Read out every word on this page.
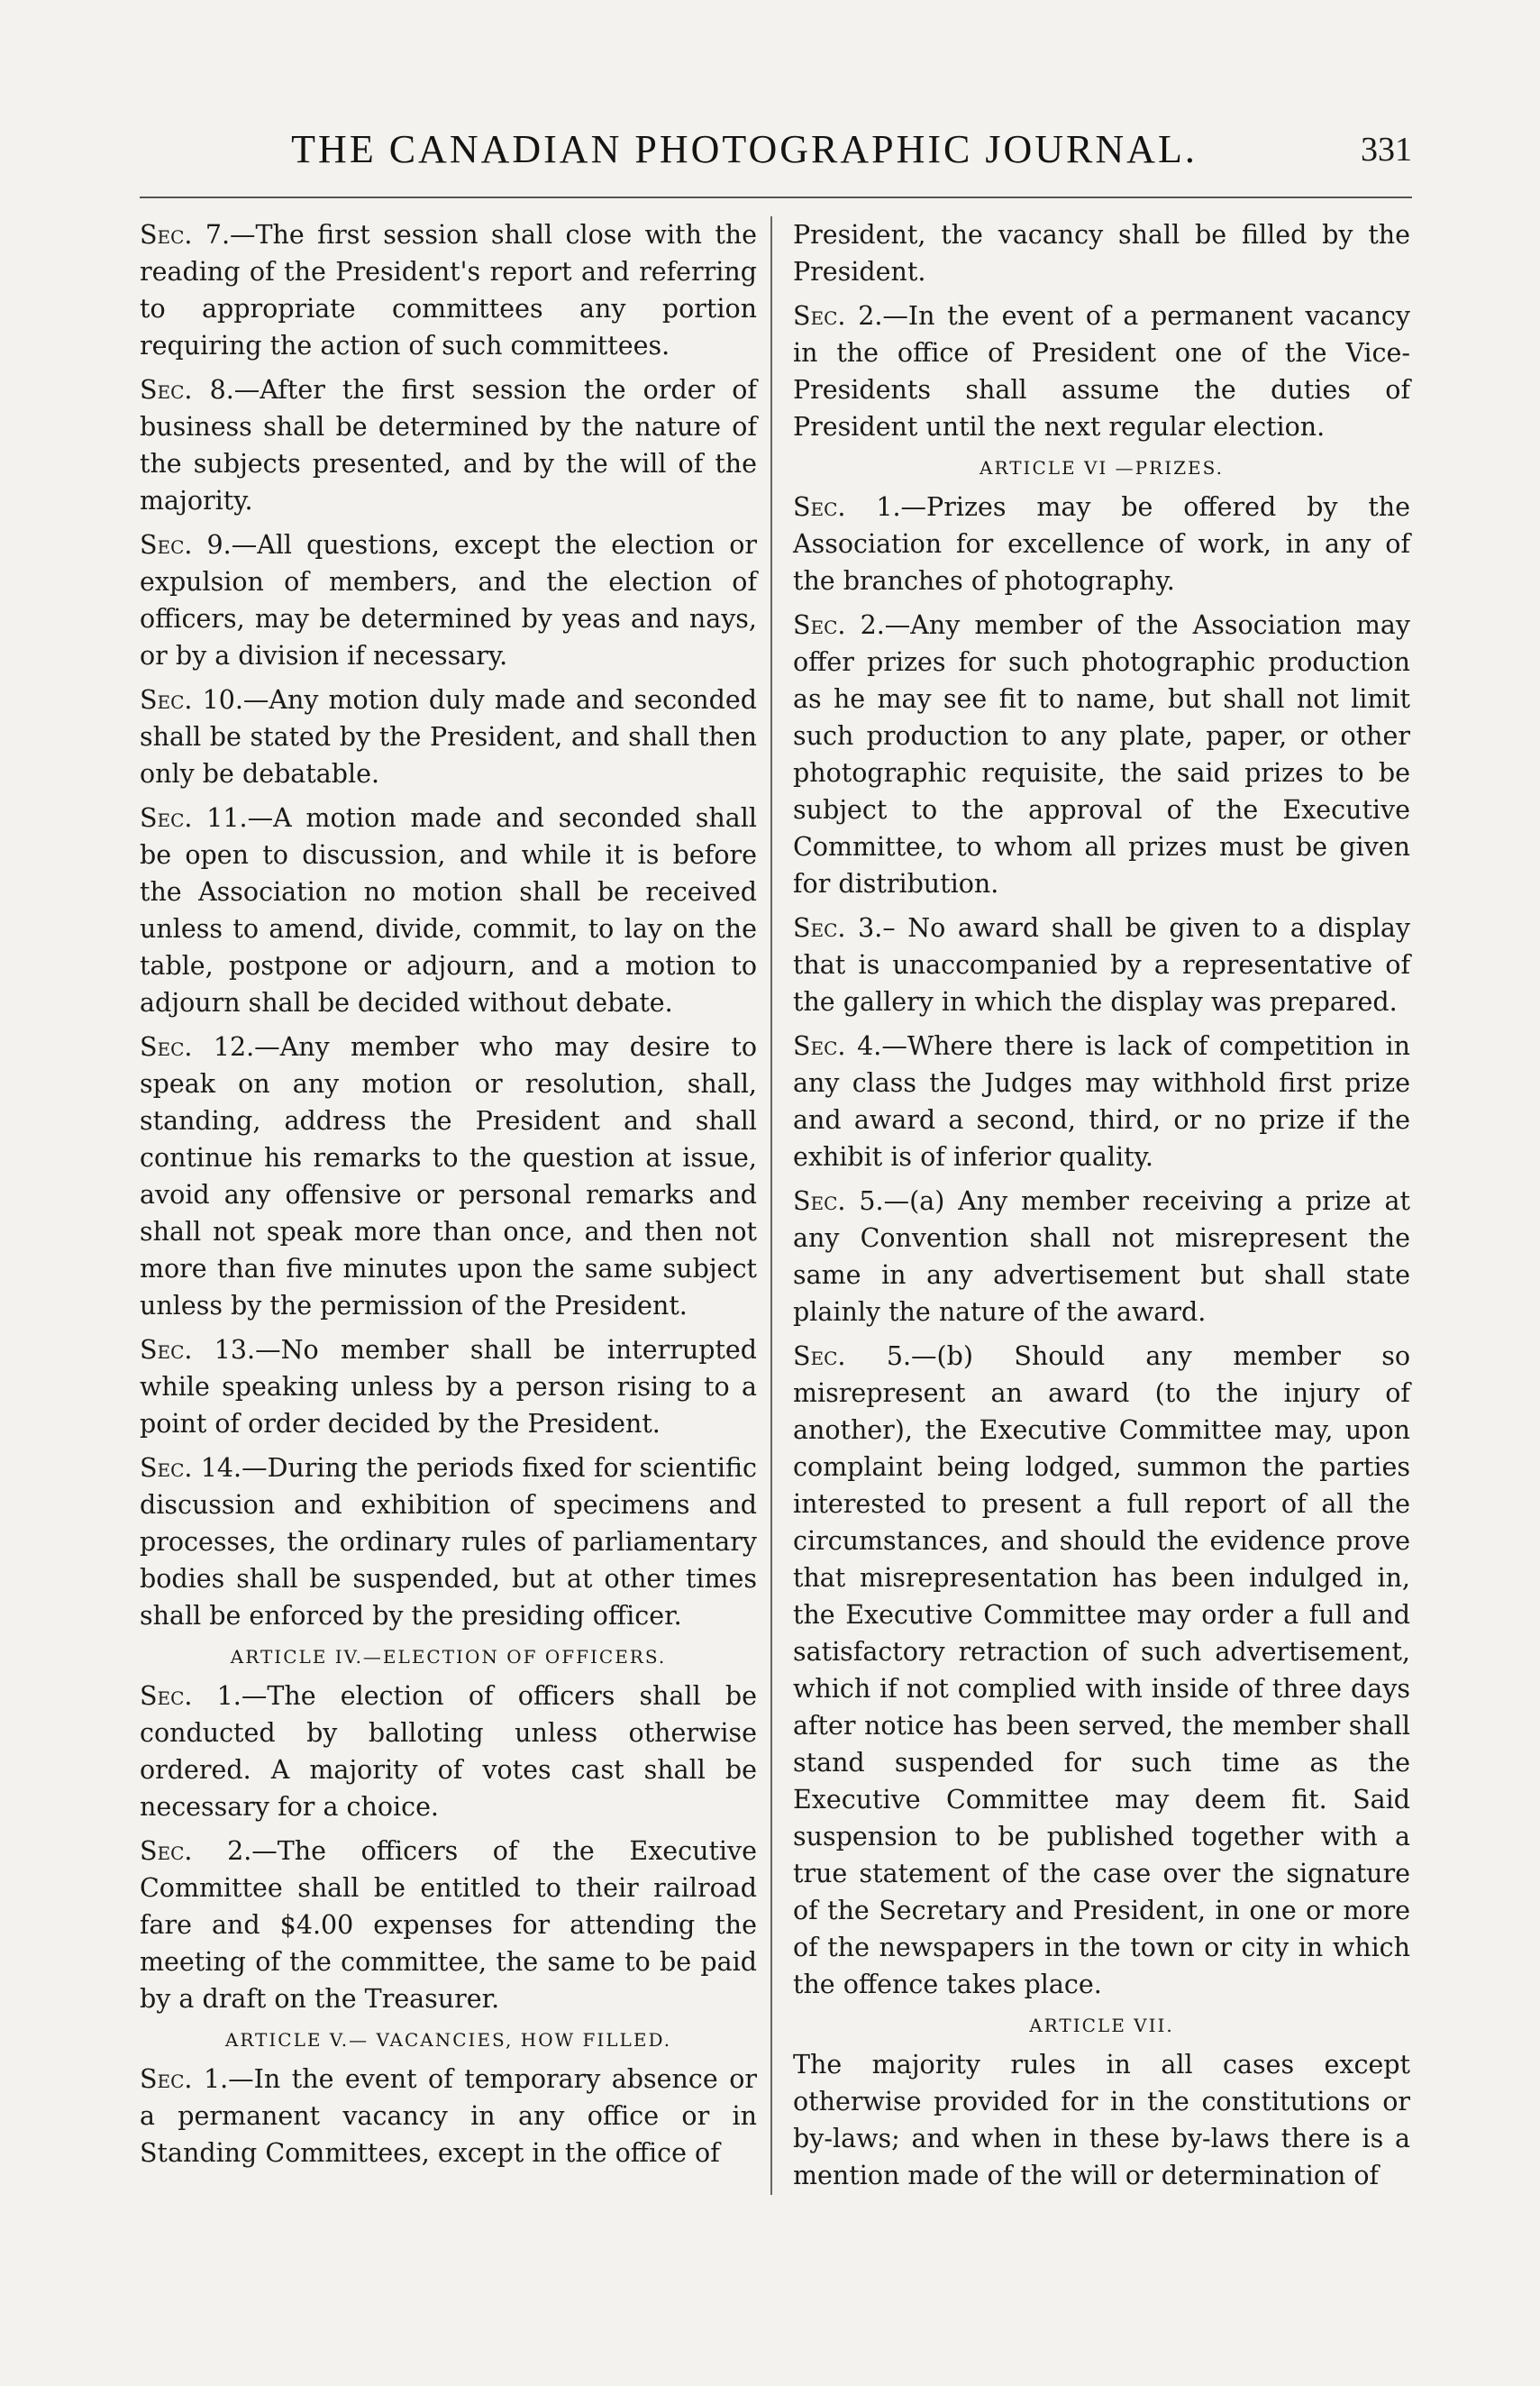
THE CANADIAN PHOTOGRAPHIC JOURNAL.	331

Sec. 7.—The first session shall close with the reading of the President's report and referring to appropriate committees any portion requiring the action of such committees.

Sec. 8.—After the first session the order of business shall be determined by the nature of the subjects presented, and by the will of the majority.

Sec. 9.—All questions, except the election or expulsion of members, and the election of officers, may be determined by yeas and nays, or by a division if necessary.

Sec. 10.—Any motion duly made and seconded shall be stated by the President, and shall then only be debatable.

Sec. 11.—A motion made and seconded shall be open to discussion, and while it is before the Association no motion shall be received unless to amend, divide, commit, to lay on the table, postpone or adjourn, and a motion to adjourn shall be decided without debate.

Sec. 12.—Any member who may desire to speak on any motion or resolution, shall, standing, address the President and shall continue his remarks to the question at issue, avoid any offensive or personal remarks and shall not speak more than once, and then not more than five minutes upon the same subject unless by the permission of the President.

Sec. 13.—No member shall be interrupted while speaking unless by a person rising to a point of order decided by the President.

Sec. 14.—During the periods fixed for scientific discussion and exhibition of specimens and processes, the ordinary rules of parliamentary bodies shall be suspended, but at other times shall be enforced by the presiding officer.

ARTICLE IV.—ELECTION OF OFFICERS.

Sec. 1.—The election of officers shall be conducted by balloting unless otherwise ordered. A majority of votes cast shall be necessary for a choice.

Sec. 2.—The officers of the Executive Committee shall be entitled to their railroad fare and $4.00 expenses for attending the meeting of the committee, the same to be paid by a draft on the Treasurer.

ARTICLE V.— VACANCIES, HOW FILLED.

Sec. 1.—In the event of temporary absence or a permanent vacancy in any office or in Standing Committees, except in the office of

President, the vacancy shall be filled by the President.

Sec. 2.—In the event of a permanent vacancy in the office of President one of the Vice-Presidents shall assume the duties of President until the next regular election.

ARTICLE VI —PRIZES.

Sec. 1.—Prizes may be offered by the Association for excellence of work, in any of the branches of photography.

Sec. 2.—Any member of the Association may offer prizes for such photographic production as he may see fit to name, but shall not limit such production to any plate, paper, or other photographic requisite, the said prizes to be subject to the approval of the Executive Committee, to whom all prizes must be given for distribution.

Sec. 3.– No award shall be given to a display that is unaccompanied by a representative of the gallery in which the display was prepared.

Sec. 4.—Where there is lack of competition in any class the Judges may withhold first prize and award a second, third, or no prize if the exhibit is of inferior quality.

Sec. 5.—(a) Any member receiving a prize at any Convention shall not misrepresent the same in any advertisement but shall state plainly the nature of the award.

Sec. 5.—(b) Should any member so misrepresent an award (to the injury of another), the Executive Committee may, upon complaint being lodged, summon the parties interested to present a full report of all the circumstances, and should the evidence prove that misrepresentation has been indulged in, the Executive Committee may order a full and satisfactory retraction of such advertisement, which if not complied with inside of three days after notice has been served, the member shall stand suspended for such time as the Executive Committee may deem fit. Said suspension to be published together with a true statement of the case over the signature of the Secretary and President, in one or more of the newspapers in the town or city in which the offence takes place.

ARTICLE VII.

The majority rules in all cases except otherwise provided for in the constitutions or by-laws; and when in these by-laws there is a mention made of the will or determination of
